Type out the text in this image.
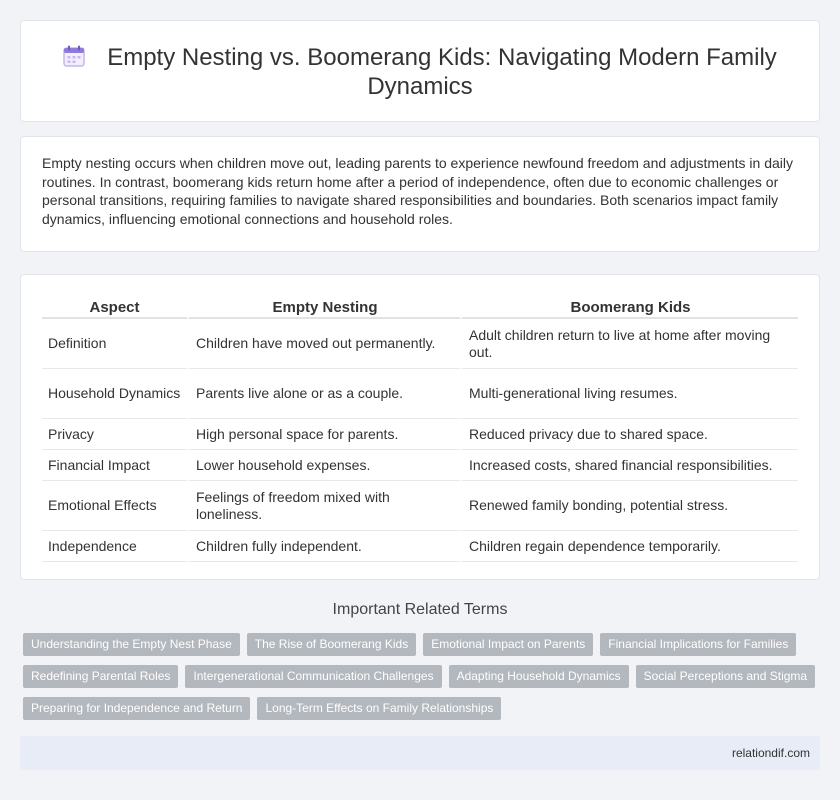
Empty Nesting vs. Boomerang Kids: Navigating Modern Family Dynamics

Empty nesting occurs when children move out, leading parents to experience newfound freedom and adjustments in daily routines. In contrast, boomerang kids return home after a period of independence, often due to economic challenges or personal transitions, requiring families to navigate shared responsibilities and boundaries. Both scenarios impact family dynamics, influencing emotional connections and household roles.

Aspect	Empty Nesting	Boomerang Kids
Definition	Children have moved out permanently.	Adult children return to live at home after moving out.
Household Dynamics	Parents live alone or as a couple.	Multi-generational living resumes.
Privacy	High personal space for parents.	Reduced privacy due to shared space.
Financial Impact	Lower household expenses.	Increased costs, shared financial responsibilities.
Emotional Effects	Feelings of freedom mixed with loneliness.	Renewed family bonding, potential stress.
Independence	Children fully independent.	Children regain dependence temporarily.
Important Related Terms
Understanding the Empty Nest Phase	The Rise of Boomerang Kids	Emotional Impact on Parents	Financial Implications for Families
Redefining Parental Roles	Intergenerational Communication Challenges	Adapting Household Dynamics	Social Perceptions and Stigma
Preparing for Independence and Return	Long-Term Effects on Family Relationships
relationdif.com
